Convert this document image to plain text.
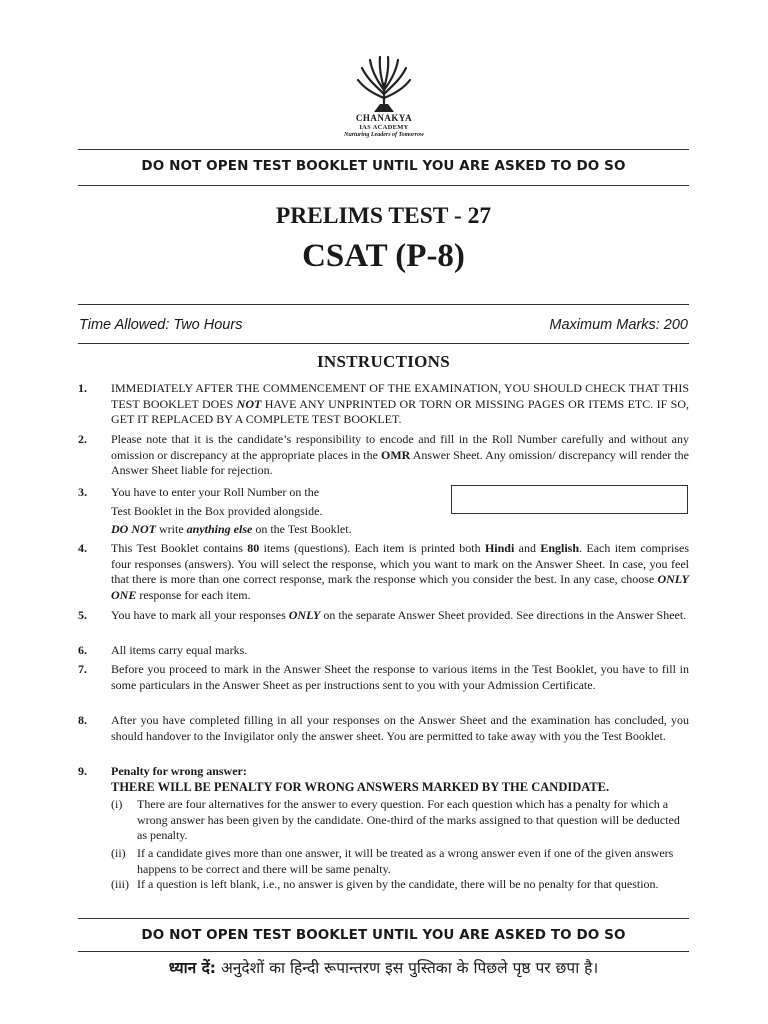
CHANAKYA
IAS ACADEMY
Nurturing Leaders of Tomorrow
DO NOT OPEN TEST BOOKLET UNTIL YOU ARE ASKED TO DO SO
PRELIMS TEST - 27
CSAT (P-8)
Time Allowed: Two Hours	Maximum Marks: 200
INSTRUCTIONS
1. IMMEDIATELY AFTER THE COMMENCEMENT OF THE EXAMINATION, YOU SHOULD CHECK THAT THIS TEST BOOKLET DOES NOT HAVE ANY UNPRINTED OR TORN OR MISSING PAGES OR ITEMS ETC. IF SO, GET IT REPLACED BY A COMPLETE TEST BOOKLET.
2. Please note that it is the candidate’s responsibility to encode and fill in the Roll Number carefully and without any omission or discrepancy at the appropriate places in the OMR Answer Sheet. Any omission/ discrepancy will render the Answer Sheet liable for rejection.
3. You have to enter your Roll Number on the
Test Booklet in the Box provided alongside.
DO NOT write anything else on the Test Booklet.
4. This Test Booklet contains 80 items (questions). Each item is printed both Hindi and English. Each item comprises four responses (answers). You will select the response, which you want to mark on the Answer Sheet. In case, you feel that there is more than one correct response, mark the response which you consider the best. In any case, choose ONLY ONE response for each item.
5. You have to mark all your responses ONLY on the separate Answer Sheet provided. See directions in the Answer Sheet.
6. All items carry equal marks.
7. Before you proceed to mark in the Answer Sheet the response to various items in the Test Booklet, you have to fill in some particulars in the Answer Sheet as per instructions sent to you with your Admission Certificate.
8. After you have completed filling in all your responses on the Answer Sheet and the examination has concluded, you should handover to the Invigilator only the answer sheet. You are permitted to take away with you the Test Booklet.
9. Penalty for wrong answer:
THERE WILL BE PENALTY FOR WRONG ANSWERS MARKED BY THE CANDIDATE.
(i) There are four alternatives for the answer to every question. For each question which has a penalty for which a wrong answer has been given by the candidate. One-third of the marks assigned to that question will be deducted as penalty.
(ii) If a candidate gives more than one answer, it will be treated as a wrong answer even if one of the given answers happens to be correct and there will be same penalty.
(iii) If a question is left blank, i.e., no answer is given by the candidate, there will be no penalty for that question.
DO NOT OPEN TEST BOOKLET UNTIL YOU ARE ASKED TO DO SO
ध्यान दें: अनुदेशों का हिन्दी रूपान्तरण इस पुस्तिका के पिछले पृष्ठ पर छपा है।
